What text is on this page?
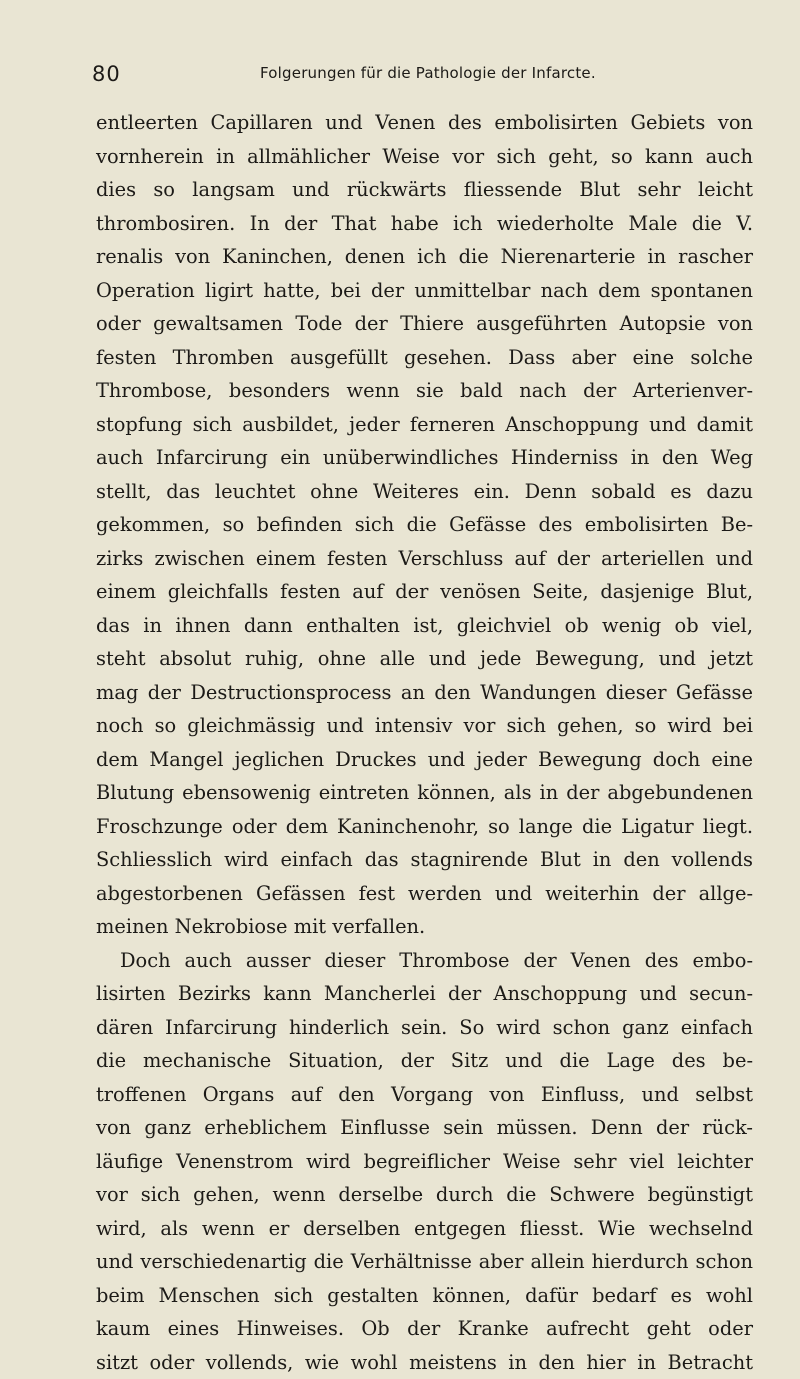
80	Folgerungen für die Pathologie der Infarcte.
entleerten Capillaren und Venen des embolisirten Gebiets von
vornherein in allmählicher Weise vor sich geht, so kann auch
dies so langsam und rückwärts fliessende Blut sehr leicht
thrombosiren. In der That habe ich wiederholte Male die V.
renalis von Kaninchen, denen ich die Nierenarterie in rascher
Operation ligirt hatte, bei der unmittelbar nach dem spontanen
oder gewaltsamen Tode der Thiere ausgeführten Autopsie von
festen Thromben ausgefüllt gesehen. Dass aber eine solche
Thrombose, besonders wenn sie bald nach der Arterienver-
stopfung sich ausbildet, jeder ferneren Anschoppung und damit
auch Infarcirung ein unüberwindliches Hinderniss in den Weg
stellt, das leuchtet ohne Weiteres ein. Denn sobald es dazu
gekommen, so befinden sich die Gefässe des embolisirten Be-
zirks zwischen einem festen Verschluss auf der arteriellen und
einem gleichfalls festen auf der venösen Seite, dasjenige Blut,
das in ihnen dann enthalten ist, gleichviel ob wenig ob viel,
steht absolut ruhig, ohne alle und jede Bewegung, und jetzt
mag der Destructionsprocess an den Wandungen dieser Gefässe
noch so gleichmässig und intensiv vor sich gehen, so wird bei
dem Mangel jeglichen Druckes und jeder Bewegung doch eine
Blutung ebensowenig eintreten können, als in der abgebundenen
Froschzunge oder dem Kaninchenohr, so lange die Ligatur liegt.
Schliesslich wird einfach das stagnirende Blut in den vollends
abgestorbenen Gefässen fest werden und weiterhin der allge-
meinen Nekrobiose mit verfallen.
Doch auch ausser dieser Thrombose der Venen des embo-
lisirten Bezirks kann Mancherlei der Anschoppung und secun-
dären Infarcirung hinderlich sein. So wird schon ganz einfach
die mechanische Situation, der Sitz und die Lage des be-
troffenen Organs auf den Vorgang von Einfluss, und selbst
von ganz erheblichem Einflusse sein müssen. Denn der rück-
läufige Venenstrom wird begreiflicher Weise sehr viel leichter
vor sich gehen, wenn derselbe durch die Schwere begünstigt
wird, als wenn er derselben entgegen fliesst. Wie wechselnd
und verschiedenartig die Verhältnisse aber allein hierdurch schon
beim Menschen sich gestalten können, dafür bedarf es wohl
kaum eines Hinweises. Ob der Kranke aufrecht geht oder
sitzt oder vollends, wie wohl meistens in den hier in Betracht
